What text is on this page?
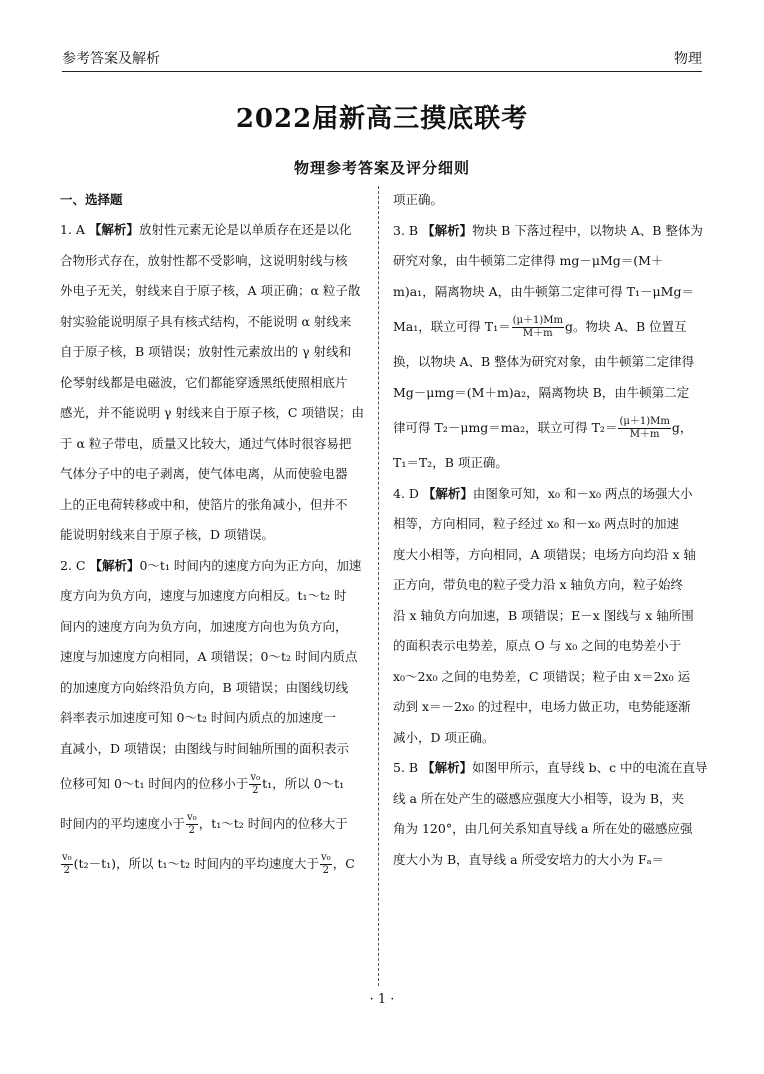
参考答案及解析	物理
2022届新高三摸底联考
物理参考答案及评分细则
一、选择题
1. A 【解析】放射性元素无论是以单质存在还是以化
合物形式存在，放射性都不受影响，这说明射线与核
外电子无关，射线来自于原子核，A 项正确；α 粒子散
射实验能说明原子具有核式结构，不能说明 α 射线来
自于原子核，B 项错误；放射性元素放出的 γ 射线和
伦琴射线都是电磁波，它们都能穿透黑纸使照相底片
感光，并不能说明 γ 射线来自于原子核，C 项错误；由
于 α 粒子带电，质量又比较大，通过气体时很容易把
气体分子中的电子剥离，使气体电离，从而使验电器
上的正电荷转移或中和，使箔片的张角减小，但并不
能说明射线来自于原子核，D 项错误。
2. C 【解析】0～t₁ 时间内的速度方向为正方向，加速
度方向为负方向，速度与加速度方向相反。t₁～t₂ 时
间内的速度方向为负方向，加速度方向也为负方向，
速度与加速度方向相同，A 项错误；0～t₂ 时间内质点
的加速度方向始终沿负方向，B 项错误；由图线切线
斜率表示加速度可知 0～t₂ 时间内质点的加速度一
直减小，D 项错误；由图线与时间轴所围的面积表示
位移可知 0～t₁ 时间内的位移小于 $\frac{\text{v₀}}{2} t_1$，所以 0～t₁
时间内的平均速度小于 $\frac{\text{v₀}}{2}$ ，t₁～t₂ 时间内的位移大于
$\frac{\text{v₀}}{2} (t_2-t_1)$，所以 t₁～t₂ 时间内的平均速度大于 $\frac{\text{v₀}}{2}$ ，C
项正确。
3. B 【解析】物块 B 下落过程中，以物块 A、B 整体为
研究对象，由牛顿第二定律得 mg－μMg＝(M＋
m)a₁，隔离物块 A，由牛顿第二定律可得 T₁－μMg＝
Ma₁，联立可得 $T_1= \frac{(\mu+1)Mm}{M+m}$ g。物块 A、B 位置互
换，以物块 A、B 整体为研究对象，由牛顿第二定律得
Mg－μmg＝(M＋m)a₂，隔离物块 B，由牛顿第二定
律可得 T₂－μmg＝ma₂，联立可得 $T_2= \frac{(\mu+1)Mm}{M+m}$ g，
T₁＝T₂，B 项正确。
4. D 【解析】由图象可知，x₀ 和－x₀ 两点的场强大小
相等，方向相同，粒子经过 x₀ 和－x₀ 两点时的加速
度大小相等，方向相同，A 项错误；电场方向均沿 x 轴
正方向，带负电的粒子受力沿 x 轴负方向，粒子始终
沿 x 轴负方向加速，B 项错误；E－x 图线与 x 轴所围
的面积表示电势差，原点 O 与 x₀ 之间的电势差小于
x₀～2x₀ 之间的电势差，C 项错误；粒子由 x＝2x₀ 运
动到 x＝－2x₀ 的过程中，电场力做正功，电势能逐渐
减小，D 项正确。
5. B 【解析】如图甲所示，直导线 b、c 中的电流在直导
线 a 所在处产生的磁感应强度大小相等，设为 B，夹
角为 120°，由几何关系知直导线 a 所在处的磁感应强
度大小为 B，直导线 a 所受安培力的大小为 Fₐ＝
· 1 ·
